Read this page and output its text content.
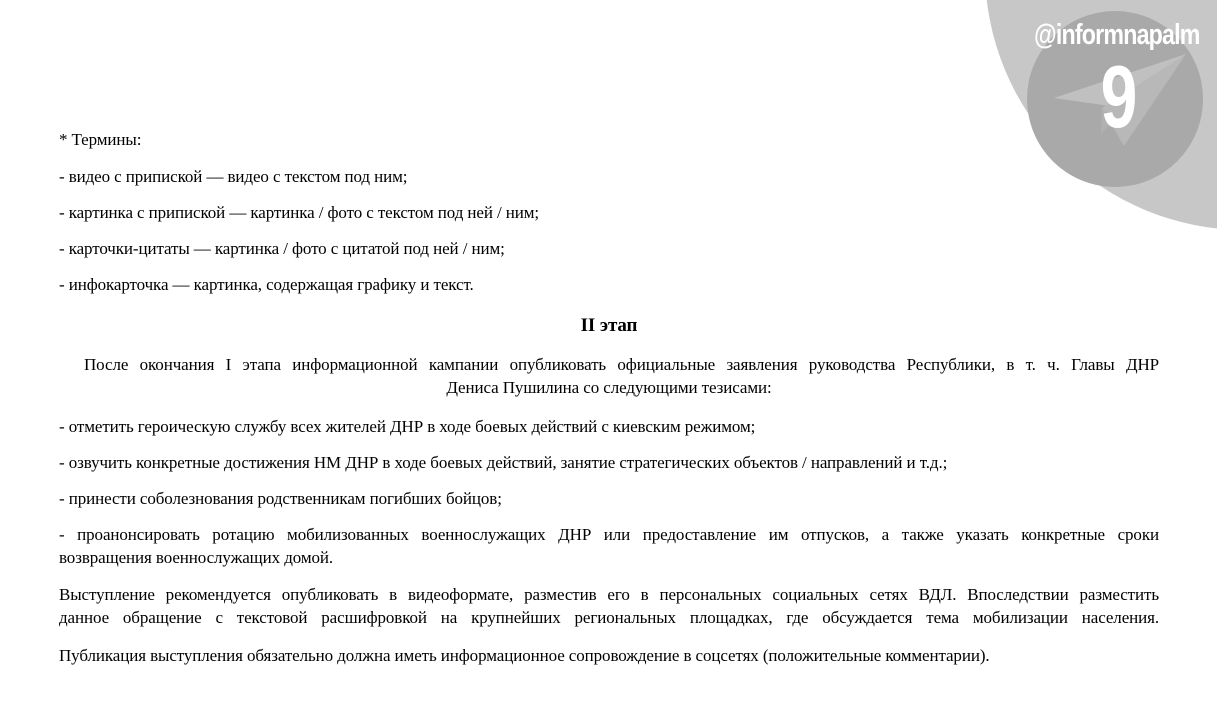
9
@informnapalm
* Термины:
- видео с припиской — видео с текстом под ним;
- картинка с припиской — картинка / фото с текстом под ней / ним;
- карточки-цитаты — картинка / фото с цитатой под ней / ним;
- инфокарточка — картинка, содержащая графику и текст.
II этап
После окончания I этапа информационной кампании опубликовать официальные заявления руководства Республики, в т. ч. Главы ДНР
Дениса Пушилина со следующими тезисами:
- отметить героическую службу всех жителей ДНР в ходе боевых действий с киевским режимом;
- озвучить конкретные достижения НМ ДНР в ходе боевых действий, занятие стратегических объектов / направлений и т.д.;
- принести соболезнования родственникам погибших бойцов;
- проанонсировать ротацию мобилизованных военнослужащих ДНР или предоставление им отпусков, а также указать конкретные сроки
возвращения военнослужащих домой.
Выступление рекомендуется опубликовать в видеоформате, разместив его в персональных социальных сетях ВДЛ. Впоследствии разместить
данное обращение с текстовой расшифровкой на крупнейших региональных площадках, где обсуждается тема мобилизации населения.
Публикация выступления обязательно должна иметь информационное сопровождение в соцсетях (положительные комментарии).
